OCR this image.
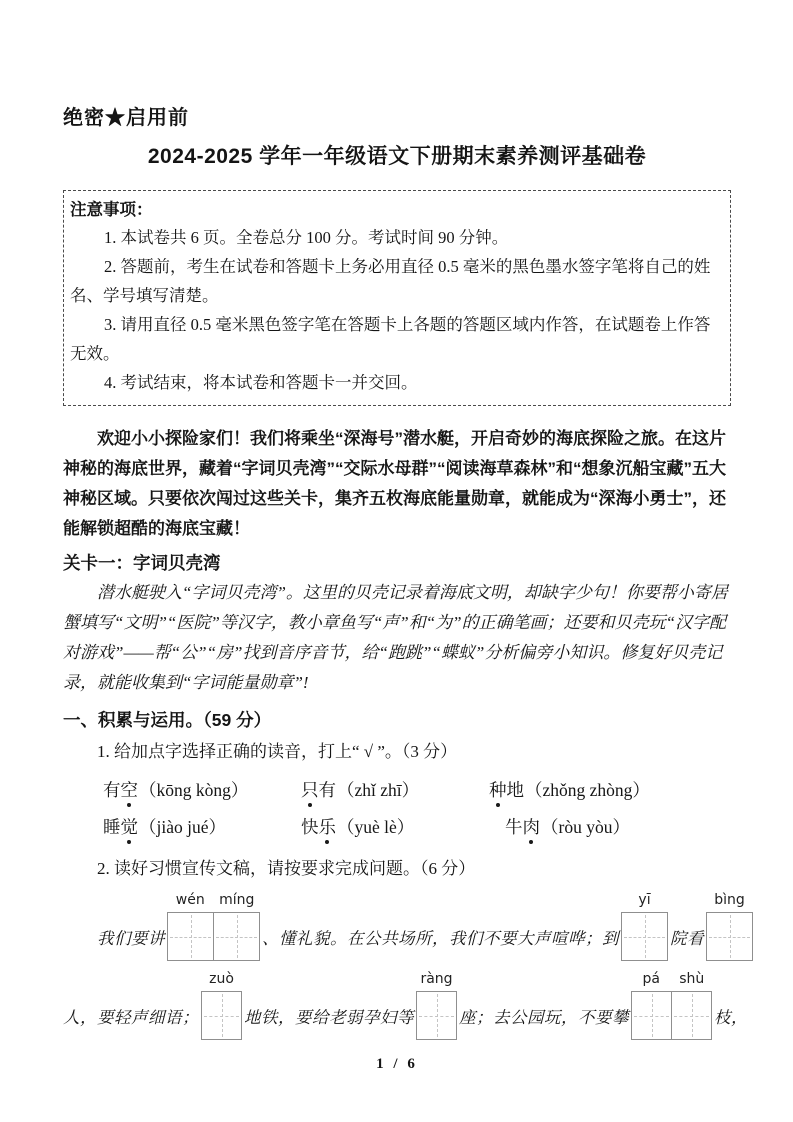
绝密★启用前
2024-2025 学年一年级语文下册期末素养测评基础卷
注意事项：
1. 本试卷共 6 页。全卷总分 100 分。考试时间 90 分钟。
2. 答题前，考生在试卷和答题卡上务必用直径 0.5 毫米的黑色墨水签字笔将自己的姓名、学号填写清楚。
3. 请用直径 0.5 毫米黑色签字笔在答题卡上各题的答题区域内作答，在试题卷上作答无效。
4. 考试结束，将本试卷和答题卡一并交回。
欢迎小小探险家们！我们将乘坐“深海号”潜水艇，开启奇妙的海底探险之旅。在这片神秘的海底世界，藏着“字词贝壳湾”“交际水母群”“阅读海草森林”和“想象沉船宝藏”五大神秘区域。只要依次闯过这些关卡，集齐五枚海底能量勋章，就能成为“深海小勇士”，还能解锁超酷的海底宝藏！
关卡一：字词贝壳湾
潜水艇驶入“字词贝壳湾”。这里的贝壳记录着海底文明，却缺字少句！你要帮小寄居蟹填写“文明”“医院”等汉字，教小章鱼写“声”和“为”的正确笔画；还要和贝壳玩“汉字配对游戏”——帮“公”“房”找到音序音节，给“跑跳”“蝶蚁”分析偏旁小知识。修复好贝壳记录，就能收集到“字词能量勋章”!
一、积累与运用。（59 分）
1. 给加点字选择正确的读音，打上“ √ ”。（3 分）
有空（kōng kòng）	只有（zhǐ zhī）	种地（zhǒng zhòng）
睡觉（jiào jué）	快乐（yuè lè）	牛肉（ròu yòu）
2. 读好习惯宣传文稿，请按要求完成问题。（6 分）
我们要讲
wén	míng
、懂礼貌。在公共场所，我们不要大声喧哗；到
yī
院看
bìng
人，要轻声细语；
zuò
地铁，要给老弱孕妇等
ràng
座；去公园玩，不要攀
pá	shù
枝，
1 / 6
